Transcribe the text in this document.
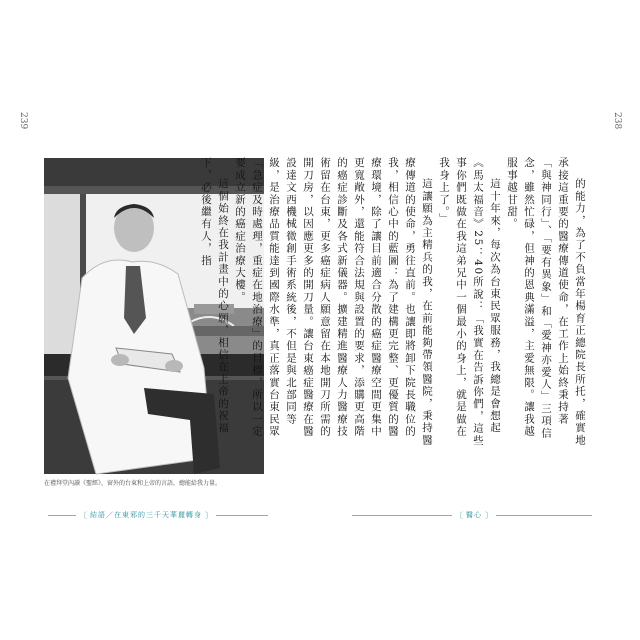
239	238
在禮拜堂內讀《聖經》，窗外的台東和上帝的言語，總能給我力量。

的能力，為了不負當年楊育正總院長所托，確實地承接這重要的醫療傳道使命，在工作上始終秉持著「與神同行」、「要有異象」和「愛神亦愛人」三項信念，雖然忙碌，但神的恩典滿溢，主愛無限。讓我越服事越甘甜。

這十年來，每次為台東民眾服務，我總是會想起《馬太福音》25：40所說：「我實在告訴你們，這些事你們既做在我這弟兄中一個最小的身上，就是做在我身上了。」

這讓願為主精兵的我，在前能夠帶領醫院，秉持醫療傳道的使命，勇往直前。也讓即將卸下院長職位的我，相信心中的藍圖：為了建構更完整、更優質的醫療環境，除了讓目前適合分散的癌症醫療空間更集中更寬敞外，還能符合法規與設置的要求，添購更高階的癌症診斷及各式新儀器。擴建精進醫療人力醫療技術留在台東，更多癌症病人願意留在本地開刀所需的開刀房，以因應更多的開刀量。讓台東癌症醫療在醫設達文西機械微創手術系統後，不但是與北部同等級，是治療品質能達到國際水準，真正落實台東民眾「急症及時處理，重症在地治療」的目標，所以一定要成立新的癌症治療大樓。

這個始終在我計畫中的心願，相信在上帝的祝福下，必後繼有人，指

〔 結語 ／ 在東邪的三千天華麗轉身 〕	〔 醫心 〕
